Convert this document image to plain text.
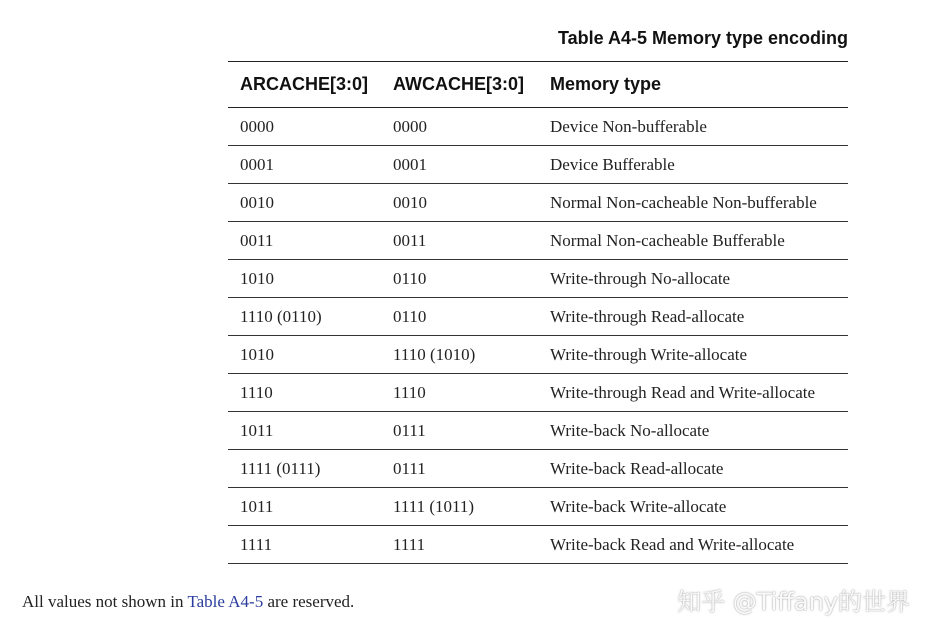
Table A4-5 Memory type encoding
ARCACHE[3:0]	AWCACHE[3:0]	Memory type
0000	0000	Device Non-bufferable
0001	0001	Device Bufferable
0010	0010	Normal Non-cacheable Non-bufferable
0011	0011	Normal Non-cacheable Bufferable
1010	0110	Write-through No-allocate
1110 (0110)	0110	Write-through Read-allocate
1010	1110 (1010)	Write-through Write-allocate
1110	1110	Write-through Read and Write-allocate
1011	0111	Write-back No-allocate
1111 (0111)	0111	Write-back Read-allocate
1011	1111 (1011)	Write-back Write-allocate
1111	1111	Write-back Read and Write-allocate
All values not shown in Table A4-5 are reserved.	知乎 @Tiffany的世界
